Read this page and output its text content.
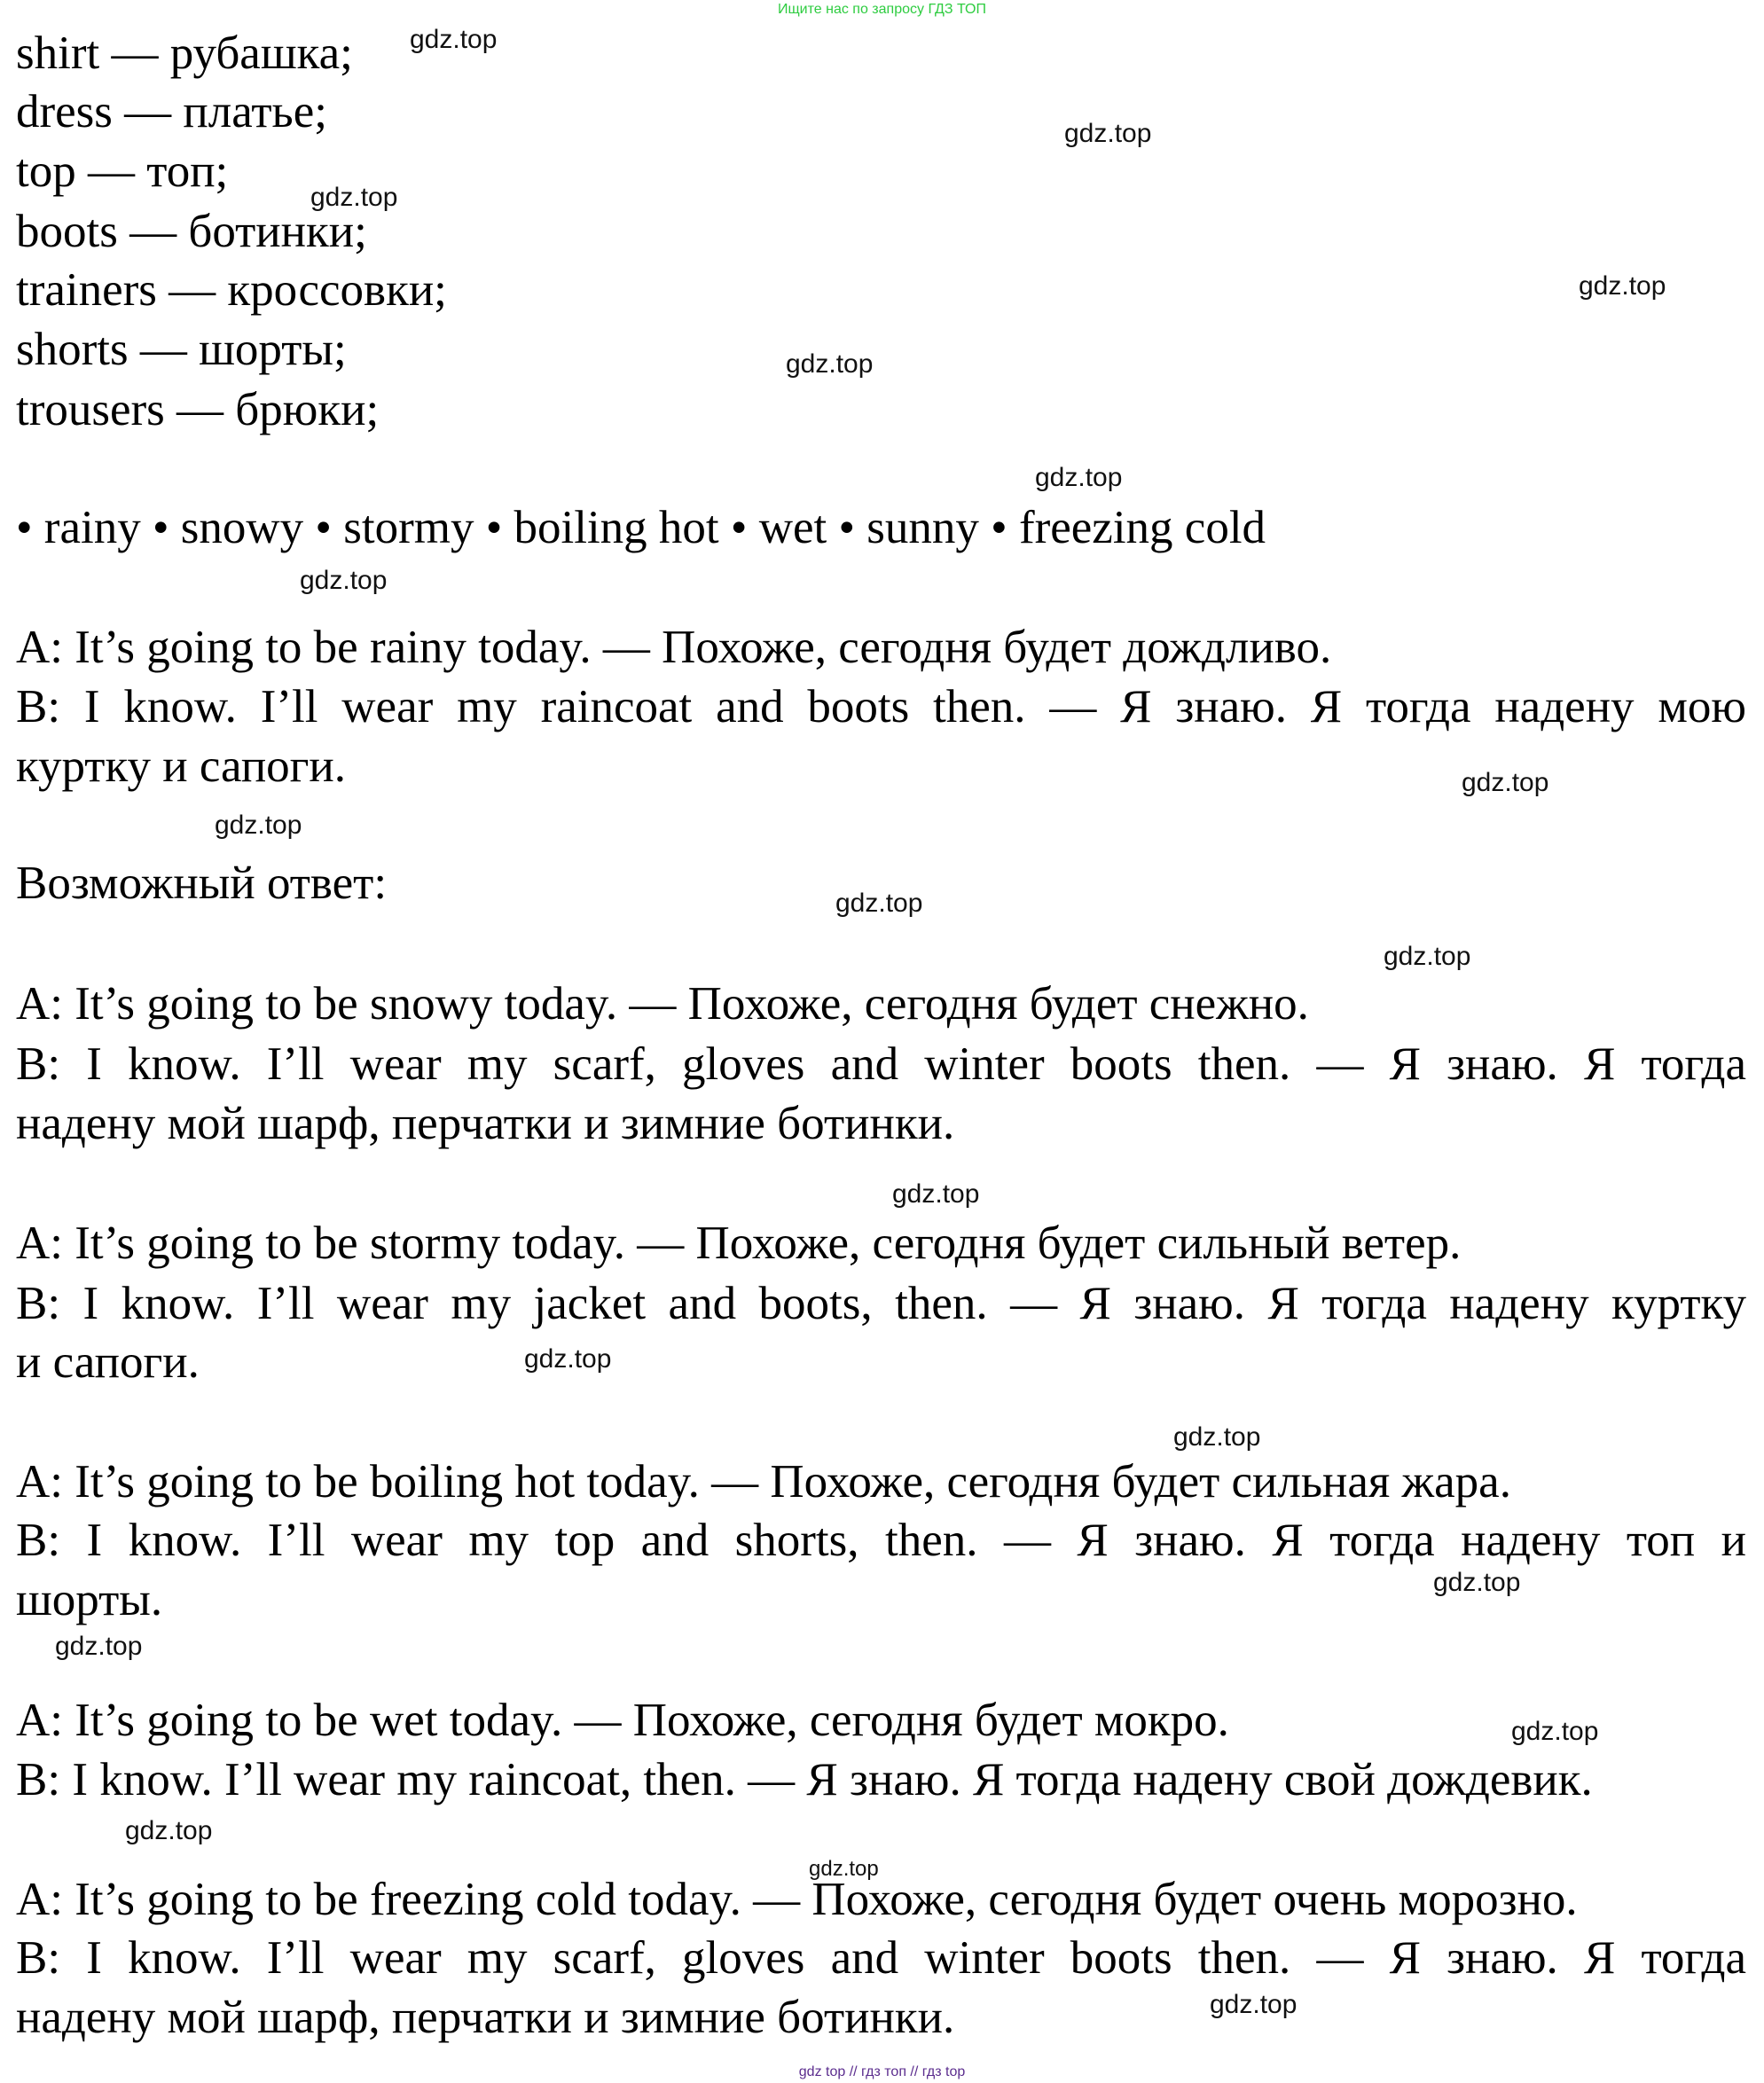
Ищите нас по запросу ГДЗ ТОП
shirt — рубашка;
dress — платье;
top — топ;
boots — ботинки;
trainers — кроссовки;
shorts — шорты;
trousers — брюки;
• rainy • snowy • stormy • boiling hot • wet • sunny • freezing cold
A: It’s going to be rainy today. — Похоже, сегодня будет дождливо.
B: I know. I’ll wear my raincoat and boots then. — Я знаю. Я тогда надену мою
куртку и сапоги.
Возможный ответ:
A: It’s going to be snowy today. — Похоже, сегодня будет снежно.
B: I know. I’ll wear my scarf, gloves and winter boots then. — Я знаю. Я тогда
надену мой шарф, перчатки и зимние ботинки.
A: It’s going to be stormy today. — Похоже, сегодня будет сильный ветер.
B: I know. I’ll wear my jacket and boots, then. — Я знаю. Я тогда надену куртку
и сапоги.
A: It’s going to be boiling hot today. — Похоже, сегодня будет сильная жара.
B: I know. I’ll wear my top and shorts, then. — Я знаю. Я тогда надену топ и
шорты.
A: It’s going to be wet today. — Похоже, сегодня будет мокро.
B: I know. I’ll wear my raincoat, then. — Я знаю. Я тогда надену свой дождевик.
A: It’s going to be freezing cold today. — Похоже, сегодня будет очень морозно.
B: I know. I’ll wear my scarf, gloves and winter boots then. — Я знаю. Я тогда
надену мой шарф, перчатки и зимние ботинки.
gdz.top
gdz.top
gdz.top
gdz.top
gdz.top
gdz.top
gdz.top
gdz.top
gdz.top
gdz.top
gdz.top
gdz.top
gdz.top
gdz.top
gdz.top
gdz.top
gdz.top
gdz.top
gdz.top
gdz.top
gdz top // гдз топ // гдз top
